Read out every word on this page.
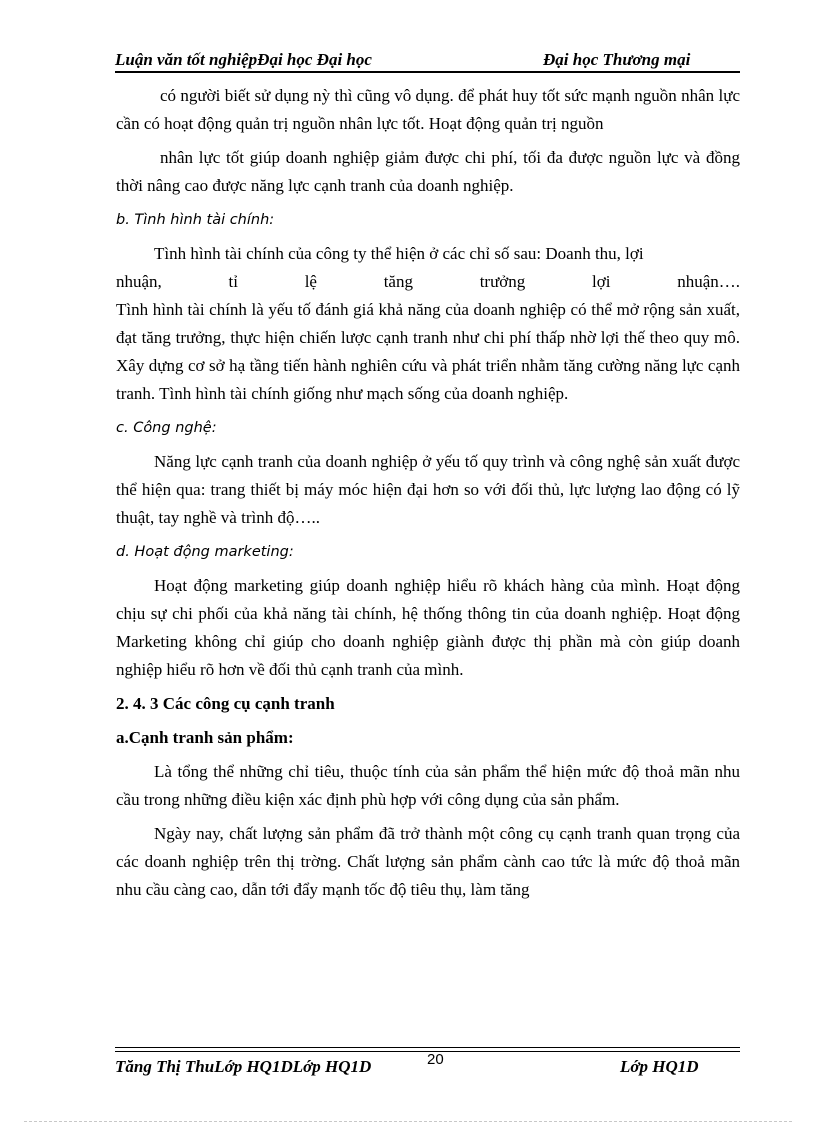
Luận văn tốt nghiệpĐại học Đại học	Đại học Thương mại

có người biết sử dụng nỳ thì cũng vô dụng. để phát huy tốt sức mạnh nguồn nhân lực cần có hoạt động quản trị nguồn nhân lực tốt. Hoạt động quản trị nguồn

nhân lực tốt giúp doanh nghiệp giảm được chi phí, tối đa được nguồn lực và đồng thời nâng cao được năng lực cạnh tranh của doanh nghiệp.

b. Tình hình tài chính:

Tình hình tài chính của công ty thể hiện ở các chỉ số sau: Doanh thu, lợi

nhuận, tỉ lệ tăng trưởng lợi nhuận….

Tình hình tài chính là yếu tố đánh giá khả năng của doanh nghiệp có thể mở rộng sản xuất, đạt tăng trưởng, thực hiện chiến lược cạnh tranh như chi phí thấp nhờ lợi thế theo quy mô. Xây dựng cơ sở hạ tầng tiến hành nghiên cứu và phát triển nhằm tăng cường năng lực cạnh tranh. Tình hình tài chính giống như mạch sống của doanh nghiệp.

c. Công nghệ:

Năng lực cạnh tranh của doanh nghiệp ở yếu tố quy trình và công nghệ sản xuất được thể hiện qua: trang thiết bị máy móc hiện đại hơn so với đối thủ, lực lượng lao động có lỹ thuật, tay nghề và trình độ…..

d. Hoạt động marketing:

Hoạt động marketing giúp doanh nghiệp hiểu rõ khách hàng của mình. Hoạt động chịu sự chi phối của khả năng tài chính, hệ thống thông tin của doanh nghiệp. Hoạt động Marketing không chỉ giúp cho doanh nghiệp giành được thị phần mà còn giúp doanh nghiệp hiểu rõ hơn về đối thủ cạnh tranh của mình.

2. 4. 3 Các công cụ cạnh tranh

a.Cạnh tranh sản phẩm:

Là tổng thể những chỉ tiêu, thuộc tính của sản phẩm thể hiện mức độ thoả mãn nhu cầu trong những điều kiện xác định phù hợp với công dụng của sản phẩm.

Ngày nay, chất lượng sản phẩm đã trở thành một công cụ cạnh tranh quan trọng của các doanh nghiệp trên thị trờng. Chất lượng sản phẩm cành cao tức là mức độ thoả mãn nhu cầu càng cao, dẫn tới đẩy mạnh tốc độ tiêu thụ, làm tăng

Tăng Thị ThuLớp HQ1DLớp HQ1D	20	Lớp HQ1D
